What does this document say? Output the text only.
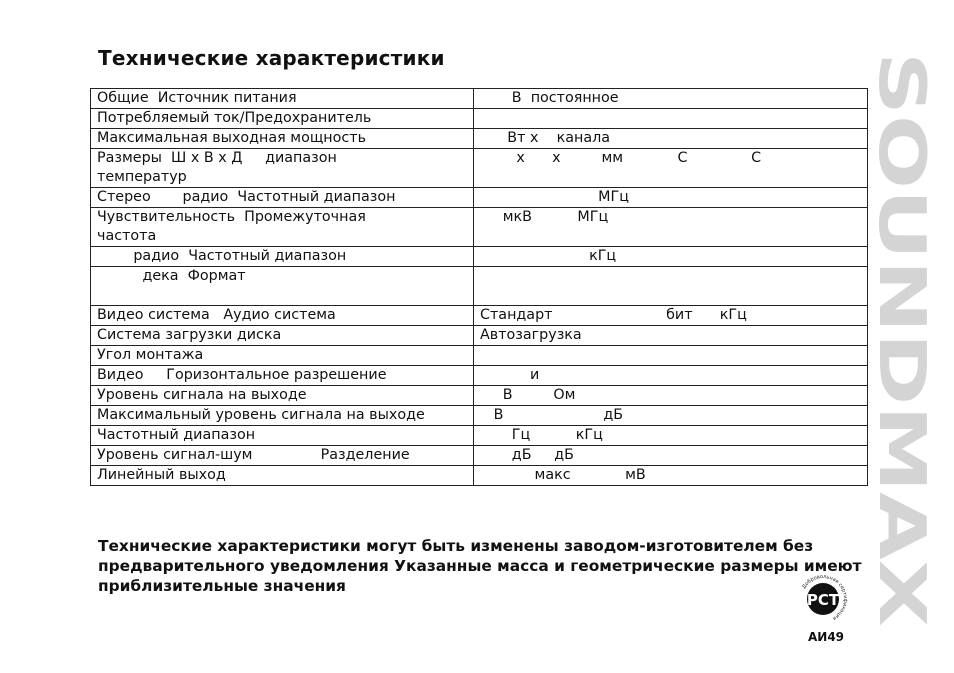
Технические характеристики
Общие  Источник питания	В  постоянное
Потребляемый ток/Предохранитель	
Максимальная выходная мощность	Вт х    канала
Размеры  Ш х В х Д     диапазон
температур	х      х         мм            С              С
Стерео       радио  Частотный диапазон	МГц
Чувствительность  Промежуточная
частота	мкВ          МГц
радио  Частотный диапазон	кГц
дека  Формат

Видео система   Аудио система	Стандарт                         бит      кГц
Система загрузки диска	Автозагрузка
Угол монтажа	
Видео     Горизонтальное разрешение	и
Уровень сигнала на выходе	В         Ом
Максимальный уровень сигнала на выходе	В                      дБ
Частотный диапазон	Гц          кГц
Уровень сигнал-шум               Разделение	дБ     дБ
Линейный выход	макс            мВ
Технические характеристики могут быть изменены заводом-изготовителем без предварительного уведомления Указанные масса и геометрические размеры имеют приблизительные значения
SOUNDMAX
Добровольная сертификация
РСТ
АИ49
